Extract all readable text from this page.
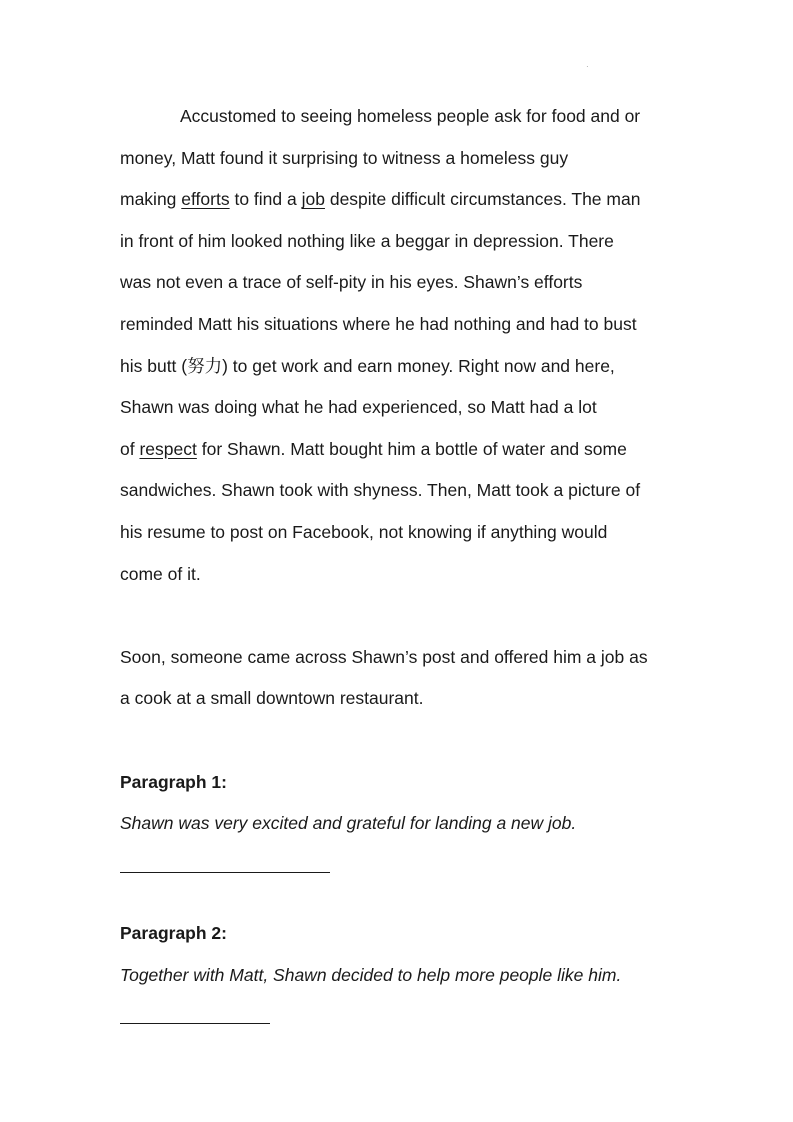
·
Accustomed to seeing homeless people ask for food and or
money, Matt found it surprising to witness a homeless guy
making efforts to find a job despite difficult circumstances. The man
in front of him looked nothing like a beggar in depression. There
was not even a trace of self-pity in his eyes. Shawn’s efforts
reminded Matt his situations where he had nothing and had to bust
his butt (努力) to get work and earn money. Right now and here,
Shawn was doing what he had experienced, so Matt had a lot
of respect for Shawn. Matt bought him a bottle of water and some
sandwiches. Shawn took with shyness. Then, Matt took a picture of
his resume to post on Facebook, not knowing if anything would
come of it.
Soon, someone came across Shawn’s post and offered him a job as
a cook at a small downtown restaurant.
Paragraph 1:
Shawn was very excited and grateful for landing a new job.
Paragraph 2:
Together with Matt, Shawn decided to help more people like him.
